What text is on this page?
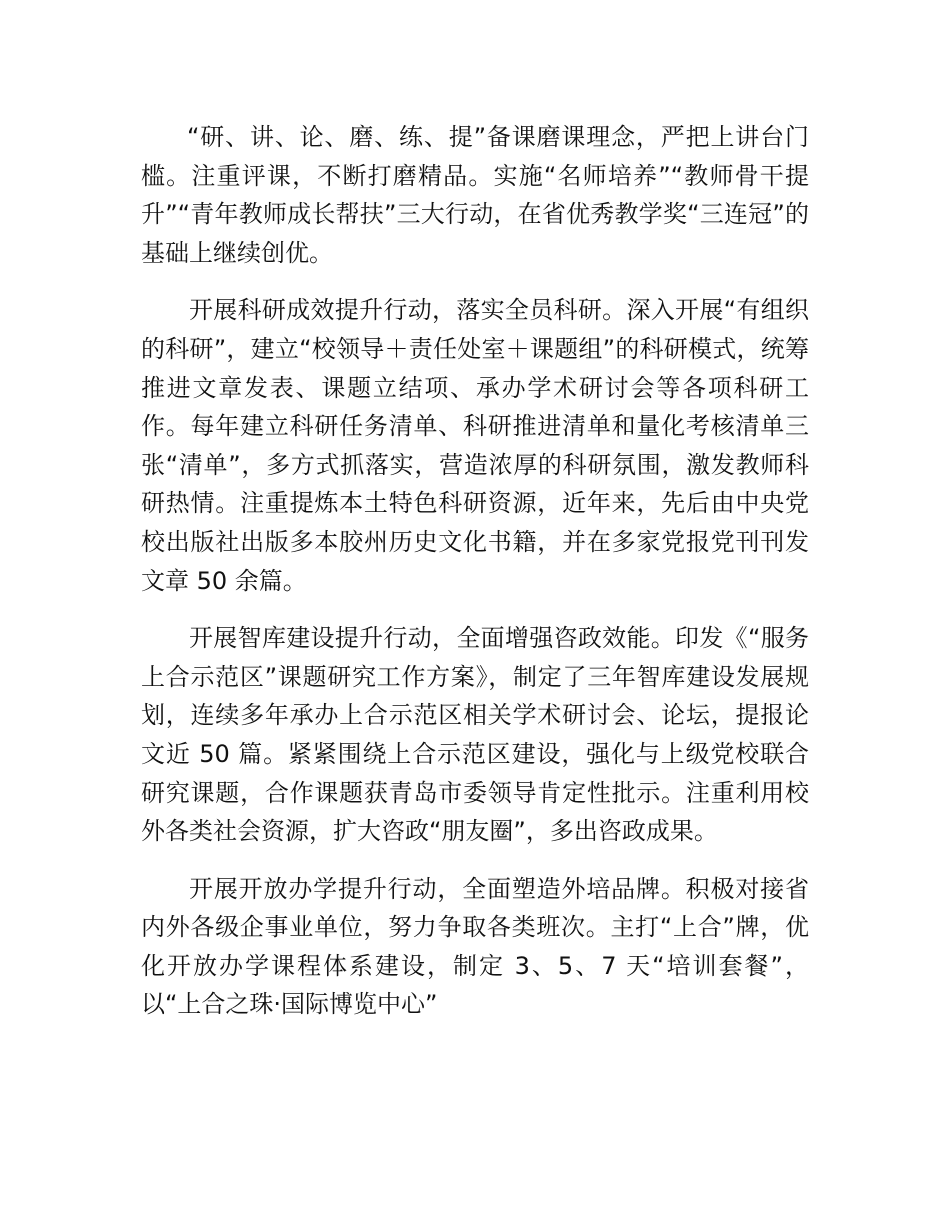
“研、讲、论、磨、练、提”备课磨课理念，严把上讲台门槛。注重评课，不断打磨精品。实施“名师培养”“教师骨干提升”“青年教师成长帮扶”三大行动，在省优秀教学奖“三连冠”的基础上继续创优。

开展科研成效提升行动，落实全员科研。深入开展“有组织的科研”，建立“校领导＋责任处室＋课题组”的科研模式，统筹推进文章发表、课题立结项、承办学术研讨会等各项科研工作。每年建立科研任务清单、科研推进清单和量化考核清单三张“清单”，多方式抓落实，营造浓厚的科研氛围，激发教师科研热情。注重提炼本土特色科研资源，近年来，先后由中央党校出版社出版多本胶州历史文化书籍，并在多家党报党刊刊发文章 50 余篇。

开展智库建设提升行动，全面增强咨政效能。印发《“服务上合示范区”课题研究工作方案》，制定了三年智库建设发展规划，连续多年承办上合示范区相关学术研讨会、论坛，提报论文近 50 篇。紧紧围绕上合示范区建设，强化与上级党校联合研究课题，合作课题获青岛市委领导肯定性批示。注重利用校外各类社会资源，扩大咨政“朋友圈”，多出咨政成果。

开展开放办学提升行动，全面塑造外培品牌。积极对接省内外各级企事业单位，努力争取各类班次。主打“上合”牌，优化开放办学课程体系建设，制定 3、5、7 天“培训套餐”，以“上合之珠·国际博览中心”
